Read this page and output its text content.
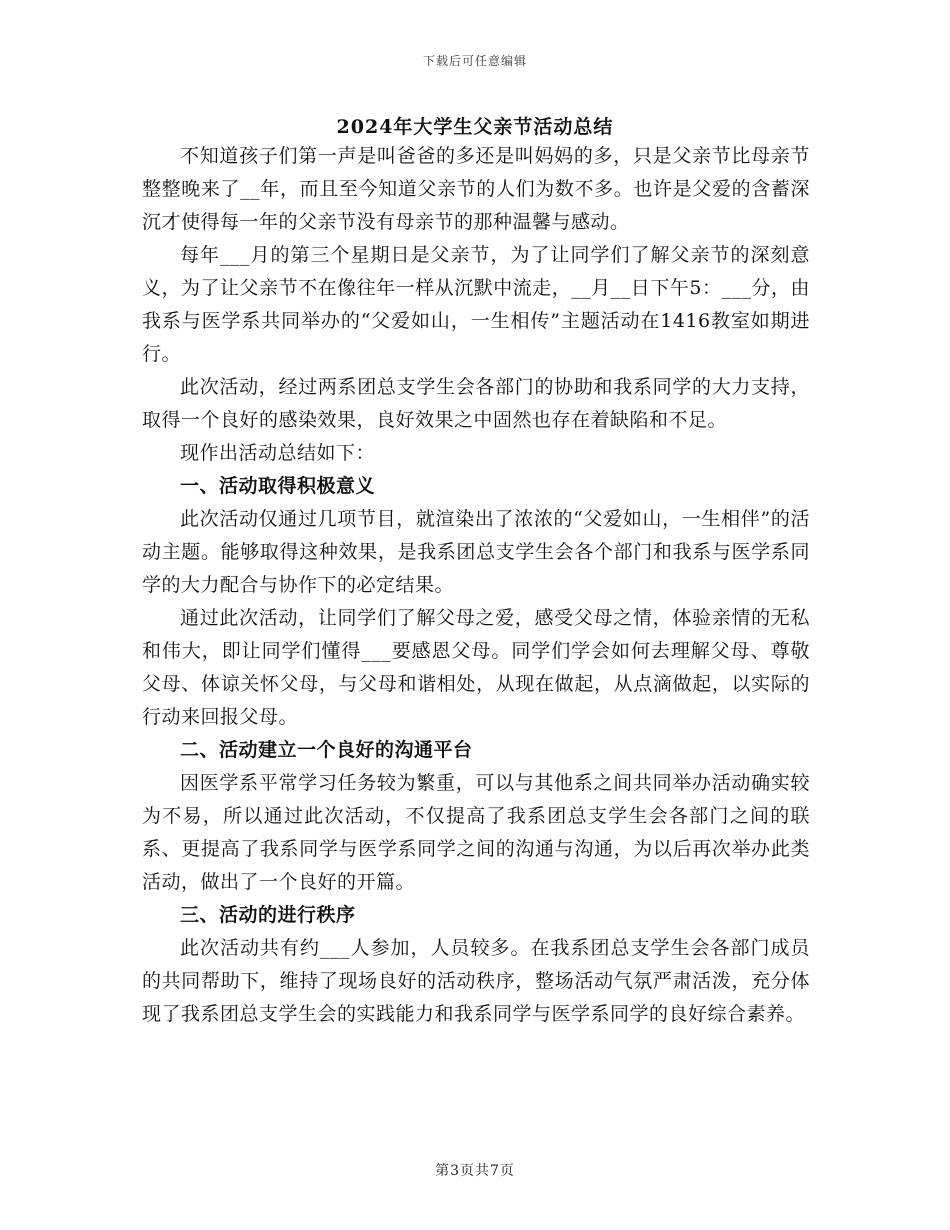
下载后可任意编辑
2024年大学生父亲节活动总结

不知道孩子们第一声是叫爸爸的多还是叫妈妈的多，只是父亲节比母亲节整整晚来了__年，而且至今知道父亲节的人们为数不多。也许是父爱的含蓄深沉才使得每一年的父亲节没有母亲节的那种温馨与感动。

每年___月的第三个星期日是父亲节，为了让同学们了解父亲节的深刻意义，为了让父亲节不在像往年一样从沉默中流走，__月__日下午5：___分，由我系与医学系共同举办的“父爱如山，一生相传”主题活动在1416教室如期进行。

此次活动，经过两系团总支学生会各部门的协助和我系同学的大力支持，取得一个良好的感染效果，良好效果之中固然也存在着缺陷和不足。

现作出活动总结如下：

一、活动取得积极意义

此次活动仅通过几项节目，就渲染出了浓浓的“父爱如山，一生相伴”的活动主题。能够取得这种效果，是我系团总支学生会各个部门和我系与医学系同学的大力配合与协作下的必定结果。

通过此次活动，让同学们了解父母之爱，感受父母之情，体验亲情的无私和伟大，即让同学们懂得___要感恩父母。同学们学会如何去理解父母、尊敬父母、体谅关怀父母，与父母和谐相处，从现在做起，从点滴做起，以实际的行动来回报父母。

二、活动建立一个良好的沟通平台

因医学系平常学习任务较为繁重，可以与其他系之间共同举办活动确实较为不易，所以通过此次活动，不仅提高了我系团总支学生会各部门之间的联系、更提高了我系同学与医学系同学之间的沟通与沟通，为以后再次举办此类活动，做出了一个良好的开篇。

三、活动的进行秩序

此次活动共有约___人参加，人员较多。在我系团总支学生会各部门成员的共同帮助下，维持了现场良好的活动秩序，整场活动气氛严肃活泼，充分体现了我系团总支学生会的实践能力和我系同学与医学系同学的良好综合素养。

第3页共7页
